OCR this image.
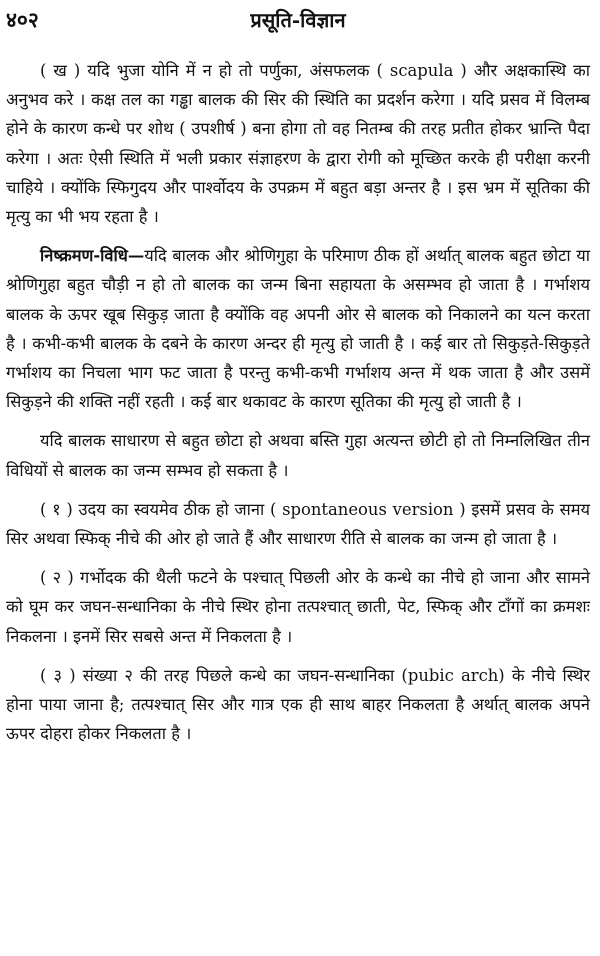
४०२	प्रसूति-विज्ञान

( ख ) यदि भुजा योनि में न हो तो पर्णुका, अंसफलक ( scapula ) और अक्षकास्थि का अनुभव करे । कक्ष तल का गड्ढा बालक की सिर की स्थिति का प्रदर्शन करेगा । यदि प्रसव में विलम्ब होने के कारण कन्धे पर शोथ ( उपशीर्ष ) बना होगा तो वह नितम्ब की तरह प्रतीत होकर भ्रान्ति पैदा करेगा । अतः ऐसी स्थिति में भली प्रकार संज्ञाहरण के द्वारा रोगी को मूच्छित करके ही परीक्षा करनी चाहिये । क्योंकि स्फिगुदय और पार्श्वोदय के उपक्रम में बहुत बड़ा अन्तर है । इस भ्रम में सूतिका की मृत्यु का भी भय रहता है ।

निष्क्रमण-विधि—यदि बालक और श्रोणिगुहा के परिमाण ठीक हों अर्थात् बालक बहुत छोटा या श्रोणिगुहा बहुत चौड़ी न हो तो बालक का जन्म बिना सहायता के असम्भव हो जाता है । गर्भाशय बालक के ऊपर खूब सिकुड़ जाता है क्योंकि वह अपनी ओर से बालक को निकालने का यत्न करता है । कभी-कभी बालक के दबने के कारण अन्दर ही मृत्यु हो जाती है । कई बार तो सिकुड़ते-सिकुड़ते गर्भाशय का निचला भाग फट जाता है परन्तु कभी-कभी गर्भाशय अन्त में थक जाता है और उसमें सिकुड़ने की शक्ति नहीं रहती । कई बार थकावट के कारण सूतिका की मृत्यु हो जाती है ।

यदि बालक साधारण से बहुत छोटा हो अथवा बस्ति गुहा अत्यन्त छोटी हो तो निम्नलिखित तीन विधियों से बालक का जन्म सम्भव हो सकता है ।

( १ ) उदय का स्वयमेव ठीक हो जाना ( spontaneous version ) इसमें प्रसव के समय सिर अथवा स्फिक् नीचे की ओर हो जाते हैं और साधारण रीति से बालक का जन्म हो जाता है ।

( २ ) गर्भोदक की थैली फटने के पश्चात् पिछली ओर के कन्धे का नीचे हो जाना और सामने को घूम कर जघन-सन्धानिका के नीचे स्थिर होना तत्पश्चात् छाती, पेट, स्फिक् और टाँगों का क्रमशः निकलना । इनमें सिर सबसे अन्त में निकलता है ।

( ३ ) संख्या २ की तरह पिछले कन्धे का जघन-सन्धानिका (pubic arch) के नीचे स्थिर होना पाया जाना है; तत्पश्चात् सिर और गात्र एक ही साथ बाहर निकलता है अर्थात् बालक अपने ऊपर दोहरा होकर निकलता है ।
